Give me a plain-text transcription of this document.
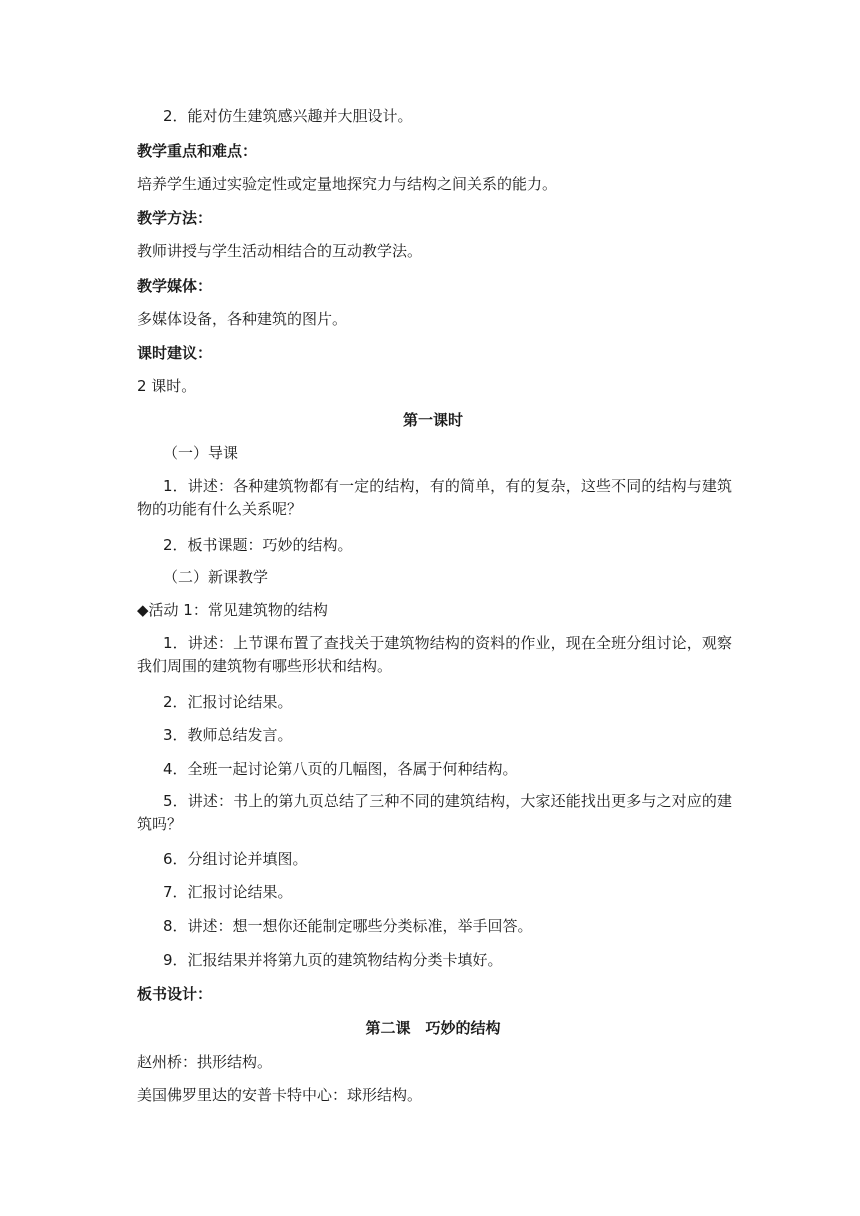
2．能对仿生建筑感兴趣并大胆设计。
教学重点和难点：
培养学生通过实验定性或定量地探究力与结构之间关系的能力。
教学方法：
教师讲授与学生活动相结合的互动教学法。
教学媒体：
多媒体设备，各种建筑的图片。
课时建议：
2 课时。
第一课时
（一）导课
1．讲述：各种建筑物都有一定的结构，有的简单，有的复杂，这些不同的结构与建筑物的功能有什么关系呢？
2．板书课题：巧妙的结构。
（二）新课教学
◆活动 1：常见建筑物的结构
1．讲述：上节课布置了查找关于建筑物结构的资料的作业，现在全班分组讨论，观察我们周围的建筑物有哪些形状和结构。
2．汇报讨论结果。
3．教师总结发言。
4．全班一起讨论第八页的几幅图，各属于何种结构。
5．讲述：书上的第九页总结了三种不同的建筑结构，大家还能找出更多与之对应的建筑吗？
6．分组讨论并填图。
7．汇报讨论结果。
8．讲述：想一想你还能制定哪些分类标准，举手回答。
9．汇报结果并将第九页的建筑物结构分类卡填好。
板书设计：
第二课　巧妙的结构
赵州桥：拱形结构。
美国佛罗里达的安普卡特中心：球形结构。
